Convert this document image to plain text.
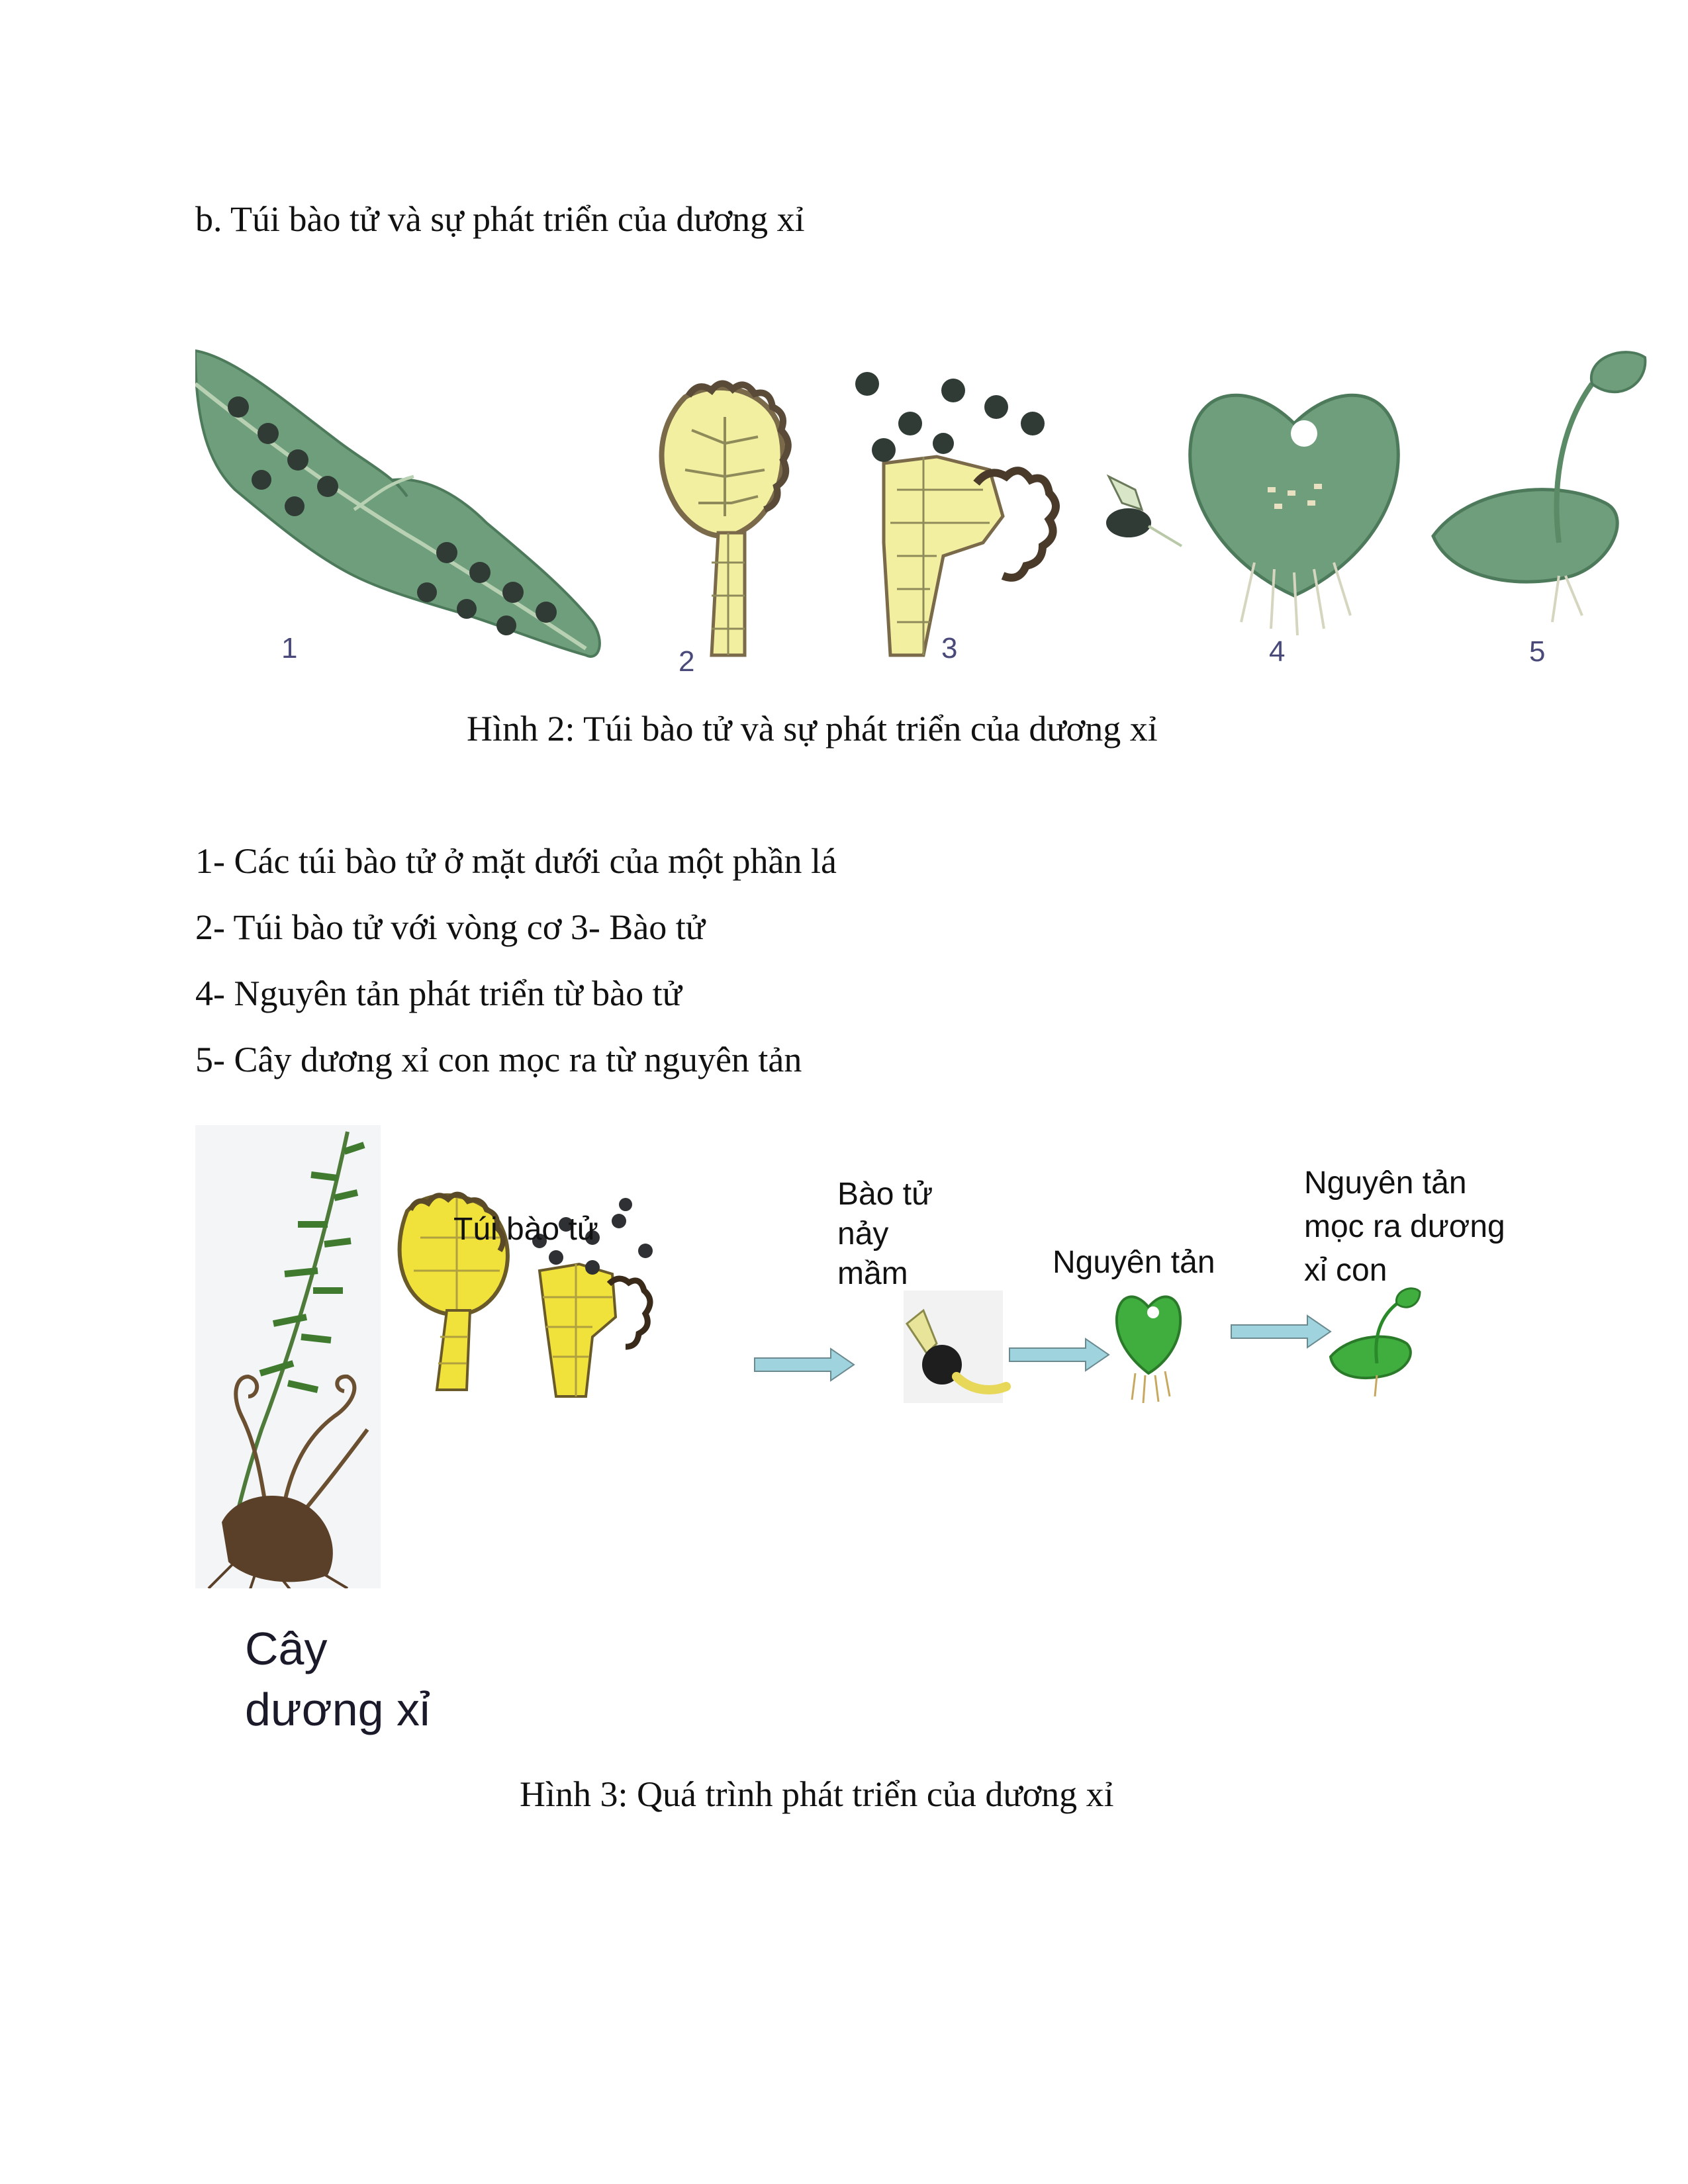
b. Túi bào tử và sự phát triển của dương xỉ
1	2	3	4	5
Hình 2: Túi bào tử và sự phát triển của dương xỉ
1- Các túi bào tử ở mặt dưới của một phần lá
2- Túi bào tử với vòng cơ 3- Bào tử
4- Nguyên tản phát triển từ bào tử
5- Cây dương xỉ con mọc ra từ nguyên tản
Túi bào tử
Bào tử
nảy
mầm	Nguyên tản
Nguyên tản
mọc ra dương
xỉ con
Cây
dương xỉ
Hình 3: Quá trình phát triển của dương xỉ
